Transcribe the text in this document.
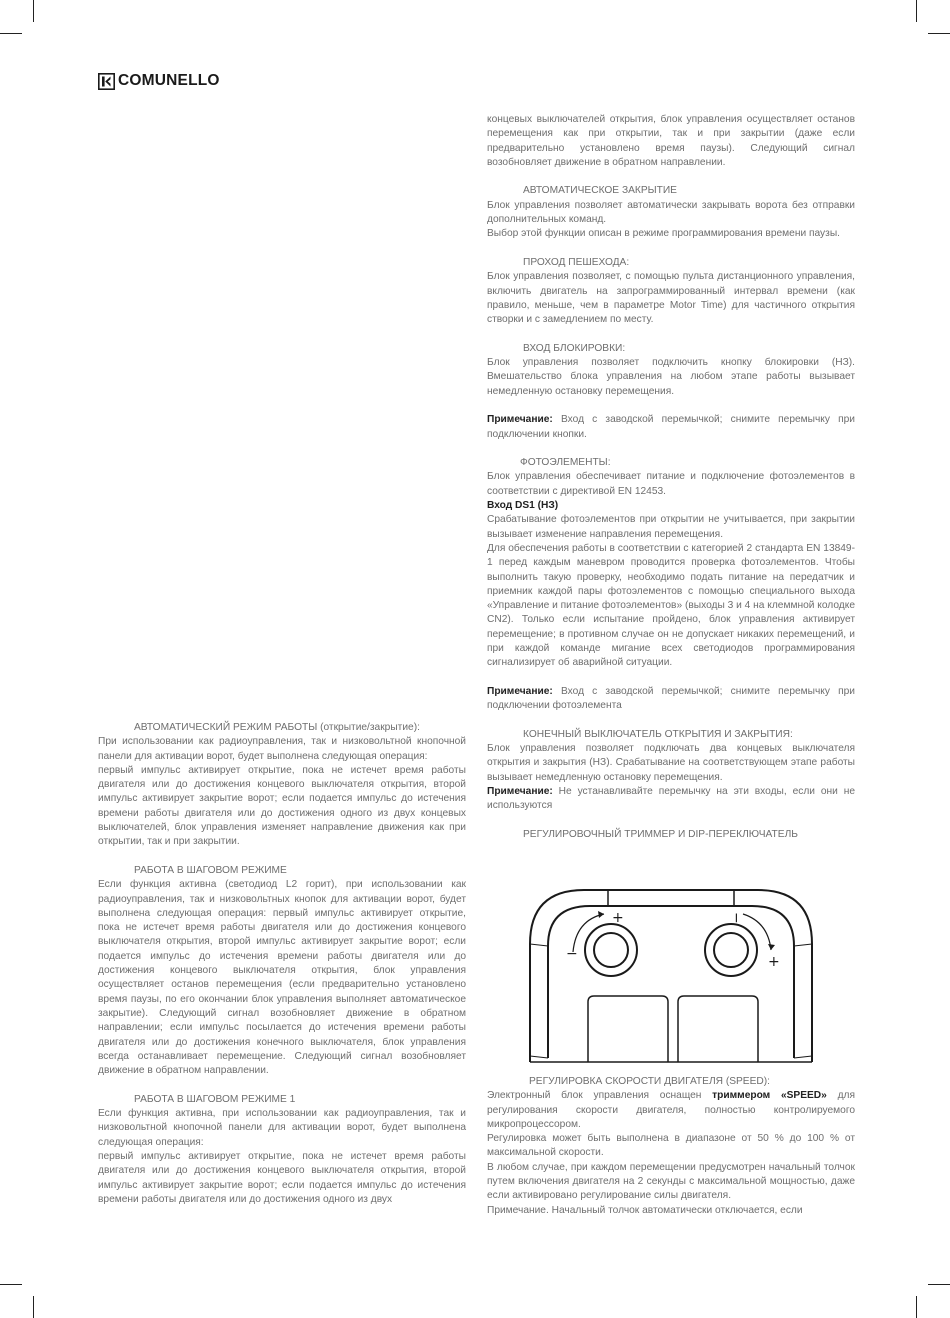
COMUNELLO

концевых выключателей открытия, блок управления осуществляет останов перемещения как при открытии, так и при закрытии (даже если предварительно установлено время паузы). Следующий сигнал возобновляет движение в обратном направлении.

АВТОМАТИЧЕСКОЕ ЗАКРЫТИЕ

Блок управления позволяет автоматически закрывать ворота без отправки дополнительных команд.

Выбор этой функции описан в режиме программирования времени паузы.

ПРОХОД ПЕШЕХОДА:

Блок управления позволяет, с помощью пульта дистанционного управления, включить двигатель на запрограммированный интервал времени (как правило, меньше, чем в параметре Motor Time) для частичного открытия створки и с замедлением по месту.

ВХОД БЛОКИРОВКИ:

Блок управления позволяет подключить кнопку блокировки (НЗ). Вмешательство блока управления на любом этапе работы вызывает немедленную остановку перемещения.

Примечание: Вход с заводской перемычкой; снимите перемычку при подключении кнопки.

ФОТОЭЛЕМЕНТЫ:

Блок управления обеспечивает питание и подключение фотоэлементов в соответствии с директивой EN 12453.

Вход DS1 (НЗ)

Срабатывание фотоэлементов при открытии не учитывается, при закрытии вызывает изменение направления перемещения.

Для обеспечения работы в соответствии с категорией 2 стандарта EN 13849-1 перед каждым маневром проводится проверка фотоэлементов. Чтобы выполнить такую проверку, необходимо подать питание на передатчик и приемник каждой пары фотоэлементов с помощью специального выхода «Управление и питание фотоэлементов» (выходы 3 и 4 на клеммной колодке CN2). Только если испытание пройдено, блок управления активирует перемещение; в противном случае он не допускает никаких перемещений, и при каждой команде мигание всех светодиодов программирования сигнализирует об аварийной ситуации.

Примечание: Вход с заводской перемычкой; снимите перемычку при подключении фотоэлемента

КОНЕЧНЫЙ ВЫКЛЮЧАТЕЛЬ ОТКРЫТИЯ И ЗАКРЫТИЯ:

Блок управления позволяет подключать два концевых выключателя открытия и закрытия (НЗ). Срабатывание на соответствующем этапе работы вызывает немедленную остановку перемещения.

Примечание: Не устанавливайте перемычку на эти входы, если они не используются

РЕГУЛИРОВОЧНЫЙ ТРИММЕР И DIP-ПЕРЕКЛЮЧАТЕЛЬ

+
−
−
+

РЕГУЛИРОВКА СКОРОСТИ ДВИГАТЕЛЯ (SPEED):

Электронный блок управления оснащен триммером «SPEED» для регулирования скорости двигателя, полностью контролируемого микропроцессором.

Регулировка может быть выполнена в диапазоне от 50 % до 100 % от максимальной скорости.

В любом случае, при каждом перемещении предусмотрен начальный толчок путем включения двигателя на 2 секунды с максимальной мощностью, даже если активировано регулирование силы двигателя.

Примечание. Начальный толчок автоматически отключается, если

АВТОМАТИЧЕСКИЙ РЕЖИМ РАБОТЫ (открытие/закрытие):

При использовании как радиоуправления, так и низковольтной кнопочной панели для активации ворот, будет выполнена следующая операция:

первый импульс активирует открытие, пока не истечет время работы двигателя или до достижения концевого выключателя открытия, второй импульс активирует закрытие ворот; если подается импульс до истечения времени работы двигателя или до достижения одного из двух концевых выключателей, блок управления изменяет направление движения как при открытии, так и при закрытии.

РАБОТА В ШАГОВОМ РЕЖИМЕ

Если функция активна (светодиод L2 горит), при использовании как радиоуправления, так и низковольтных кнопок для активации ворот, будет выполнена следующая операция: первый импульс активирует открытие, пока не истечет время работы двигателя или до достижения концевого выключателя открытия, второй импульс активирует закрытие ворот; если подается импульс до истечения времени работы двигателя или до достижения концевого выключателя открытия, блок управления осуществляет останов перемещения (если предварительно установлено время паузы, по его окончании блок управления выполняет автоматическое закрытие). Следующий сигнал возобновляет движение в обратном направлении; если импульс посылается до истечения времени работы двигателя или до достижения конечного выключателя, блок управления всегда останавливает перемещение. Следующий сигнал возобновляет движение в обратном направлении.

РАБОТА В ШАГОВОМ РЕЖИМЕ 1

Если функция активна, при использовании как радиоуправления, так и низковольтной кнопочной панели для активации ворот, будет выполнена следующая операция:

первый импульс активирует открытие, пока не истечет время работы двигателя или до достижения концевого выключателя открытия, второй импульс активирует закрытие ворот; если подается импульс до истечения времени работы двигателя или до достижения одного из двух
